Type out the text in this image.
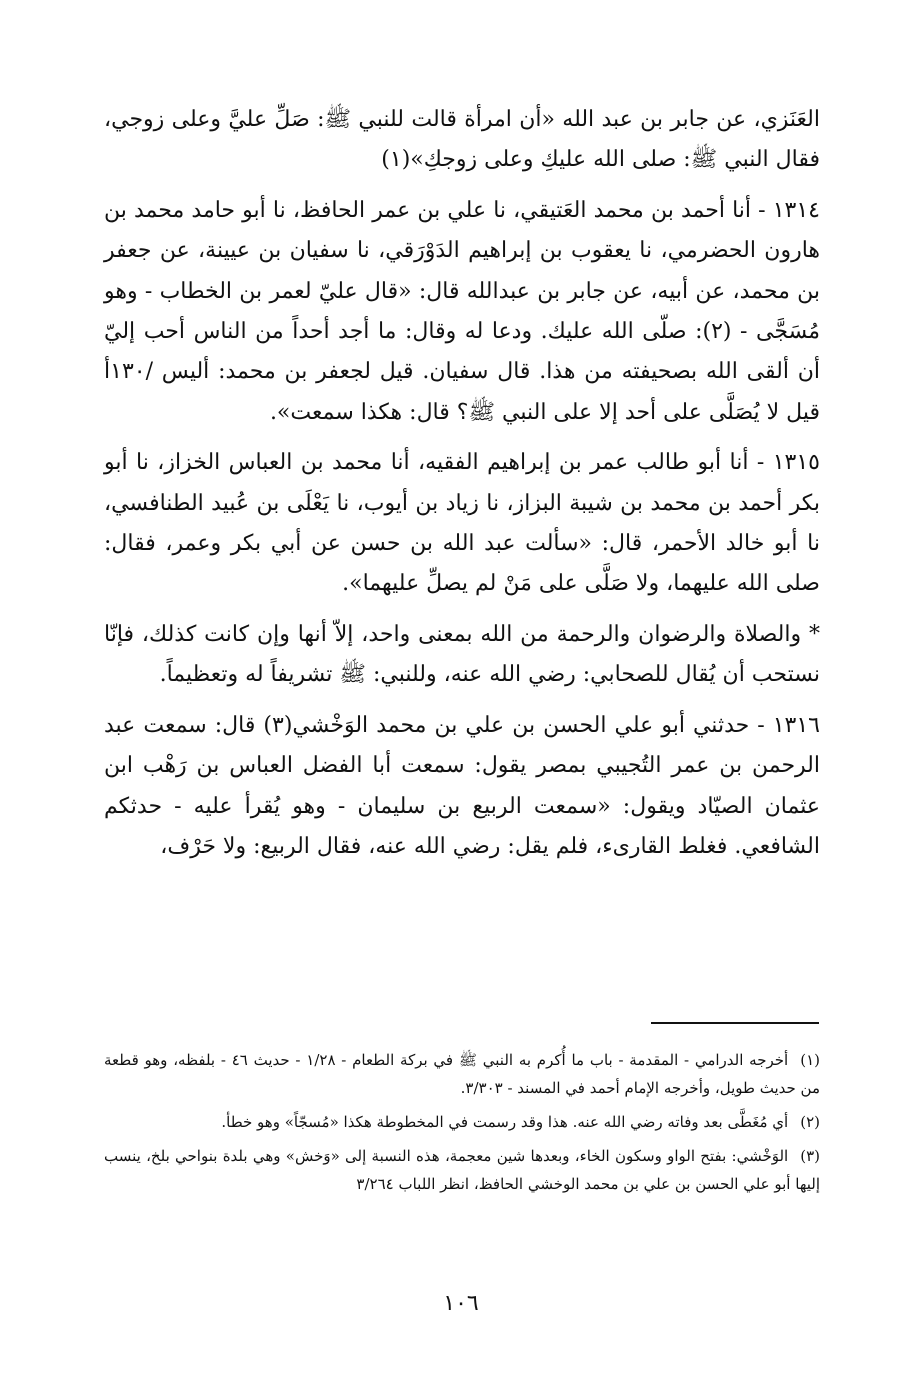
العَنَزي، عن جابر بن عبد الله «أن امرأة قالت للنبي ﷺ: صَلِّ عليَّ وعلى زوجي، فقال النبي ﷺ: صلى الله عليكِ وعلى زوجكِ»(١)

١٣١٤ - أنا أحمد بن محمد العَتيقي، نا علي بن عمر الحافظ، نا أبو حامد محمد بن هارون الحضرمي، نا يعقوب بن إبراهيم الدَوْرَقي، نا سفيان بن عيينة، عن جعفر بن محمد، عن أبيه، عن جابر بن عبدالله قال: «قال عليّ لعمر بن الخطاب - وهو مُسَجَّى - (٢): صلّى الله عليك. ودعا له وقال: ما أجد أحداً من الناس أحب إليّ أن ألقى الله بصحيفته من هذا. قال سفيان. قيل لجعفر بن محمد: أليس /١٣٠أ قيل لا يُصَلَّى على أحد إلا على النبي ﷺ؟ قال: هكذا سمعت».

١٣١٥ - أنا أبو طالب عمر بن إبراهيم الفقيه، أنا محمد بن العباس الخزاز، نا أبو بكر أحمد بن محمد بن شيبة البزاز، نا زياد بن أيوب، نا يَعْلَى بن عُبيد الطنافسي، نا أبو خالد الأحمر، قال: «سألت عبد الله بن حسن عن أبي بكر وعمر، فقال: صلى الله عليهما، ولا صَلَّى على مَنْ لم يصلِّ عليهما».

* والصلاة والرضوان والرحمة من الله بمعنى واحد، إلاّ أنها وإن كانت كذلك، فإنّا نستحب أن يُقال للصحابي: رضي الله عنه، وللنبي: ﷺ تشريفاً له وتعظيماً.

١٣١٦ - حدثني أبو علي الحسن بن علي بن محمد الوَخْشي(٣) قال: سمعت عبد الرحمن بن عمر التُجيبي بمصر يقول: سمعت أبا الفضل العباس بن رَهْب ابن عثمان الصيّاد ويقول: «سمعت الربيع بن سليمان - وهو يُقرأ عليه - حدثكم الشافعي. فغلط القارىء، فلم يقل: رضي الله عنه، فقال الربيع: ولا حَرْف،

(١)أخرجه الدرامي - المقدمة - باب ما أُكرم به النبي ﷺ في بركة الطعام - ١/٢٨ - حديث ٤٦ - بلفظه، وهو قطعة من حديث طويل، وأخرجه الإمام أحمد في المسند - ٣/٣٠٣.

(٢)أي مُغَطَّى بعد وفاته رضي الله عنه. هذا وقد رسمت في المخطوطة هكذا «مُسجّاً» وهو خطأ.

(٣)الوَخْشي: بفتح الواو وسكون الخاء، وبعدها شين معجمة، هذه النسبة إلى «وَخش» وهي بلدة بنواحي بلخ، ينسب إليها أبو علي الحسن بن علي بن محمد الوخشي الحافظ، انظر اللباب ٣/٢٦٤

١٠٦
